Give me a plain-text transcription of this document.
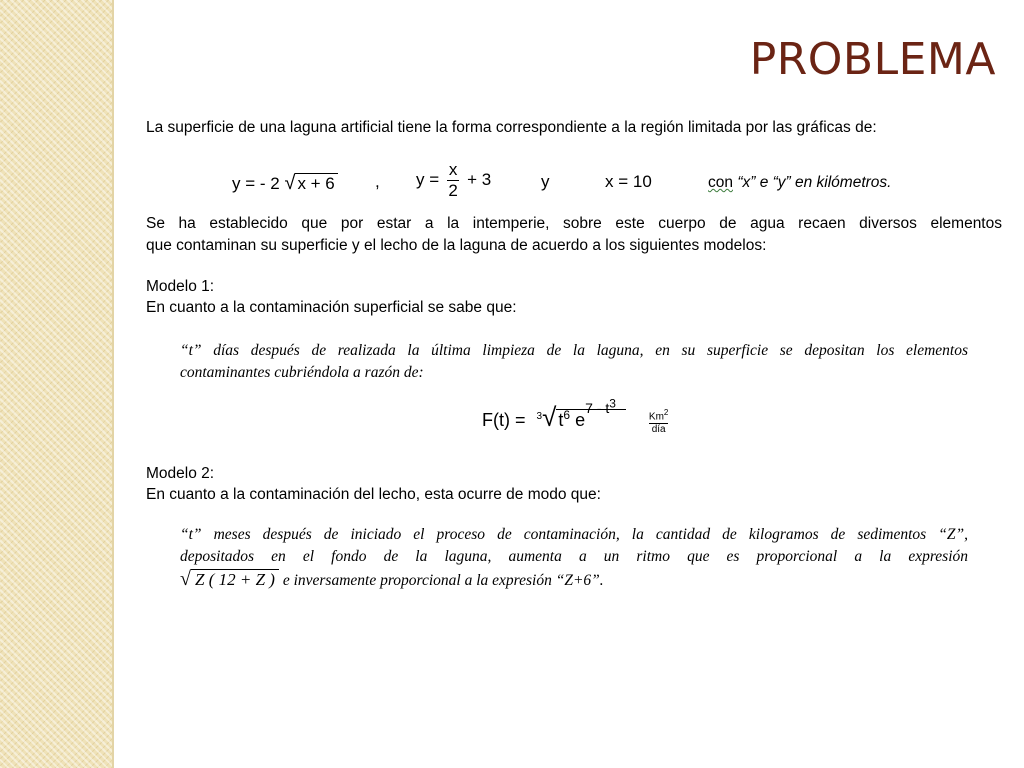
PROBLEMA
La superficie de una laguna artificial tiene la forma correspondiente a la región limitada por las gráficas de:
y = - 2 √ x + 6 , $y = \frac{x}{2} + 3$	y	x = 10	con “x” e “y” en kilómetros.
Se ha establecido que por estar a la intemperie, sobre este cuerpo de agua recaen diversos elementos
que contaminan su superficie y el lecho de la laguna de acuerdo a los siguientes modelos:
Modelo 1:
En cuanto a la contaminación superficial se sabe que:
“t” días después de realizada la última limpieza de la laguna, en su superficie se depositan los elementos
contaminantes cubriéndola a razón de:
F(t) = $^3$√ $t^6$ $e^{7 - t^3}$
$\frac{Km^2}{\text{día}}$
Modelo 2:
En cuanto a la contaminación del lecho, esta ocurre de modo que:
“t” meses después de iniciado el proceso de contaminación, la cantidad de kilogramos de sedimentos “Z”,
depositados en el fondo de la laguna, aumenta a un ritmo que es proporcional a la expresión
√ Z ( 12 + Z ) e inversamente proporcional a la expresión “Z+6”.
